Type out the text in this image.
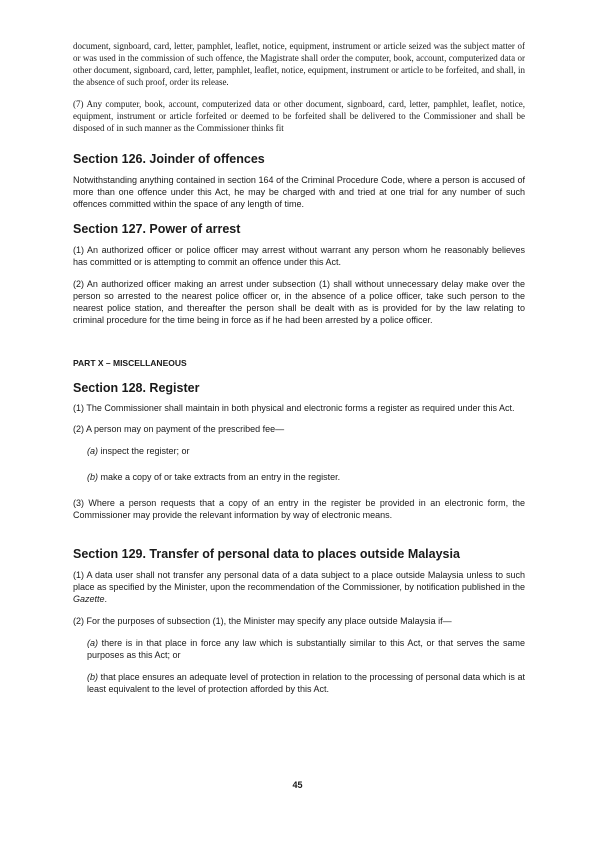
document, signboard, card, letter, pamphlet, leaflet, notice, equipment, instrument or article seized was the subject matter of or was used in the commission of such offence, the Magistrate shall order the computer, book, account, computerized data or other document, signboard, card, letter, pamphlet, leaflet, notice, equipment, instrument or article to be forfeited, and shall, in the absence of such proof, order its release.

(7) Any computer, book, account, computerized data or other document, signboard, card, letter, pamphlet, leaflet, notice, equipment, instrument or article forfeited or deemed to be forfeited shall be delivered to the Commissioner and shall be disposed of in such manner as the Commissioner thinks fit

Section 126. Joinder of offences

Notwithstanding anything contained in section 164 of the Criminal Procedure Code, where a person is accused of more than one offence under this Act, he may be charged with and tried at one trial for any number of such offences committed within the space of any length of time.

Section 127. Power of arrest

(1) An authorized officer or police officer may arrest without warrant any person whom he reasonably believes has committed or is attempting to commit an offence under this Act.

(2) An authorized officer making an arrest under subsection (1) shall without unnecessary delay make over the person so arrested to the nearest police officer or, in the absence of a police officer, take such person to the nearest police station, and thereafter the person shall be dealt with as is provided for by the law relating to criminal procedure for the time being in force as if he had been arrested by a police officer.

PART X – MISCELLANEOUS

Section 128. Register

(1) The Commissioner shall maintain in both physical and electronic forms a register as required under this Act.

(2) A person may on payment of the prescribed fee—

(a) inspect the register; or

(b) make a copy of or take extracts from an entry in the register.

(3) Where a person requests that a copy of an entry in the register be provided in an electronic form, the Commissioner may provide the relevant information by way of electronic means.

Section 129. Transfer of personal data to places outside Malaysia

(1) A data user shall not transfer any personal data of a data subject to a place outside Malaysia unless to such place as specified by the Minister, upon the recommendation of the Commissioner, by notification published in the Gazette.

(2) For the purposes of subsection (1), the Minister may specify any place outside Malaysia if—

(a) there is in that place in force any law which is substantially similar to this Act, or that serves the same purposes as this Act; or

(b) that place ensures an adequate level of protection in relation to the processing of personal data which is at least equivalent to the level of protection afforded by this Act.

45
